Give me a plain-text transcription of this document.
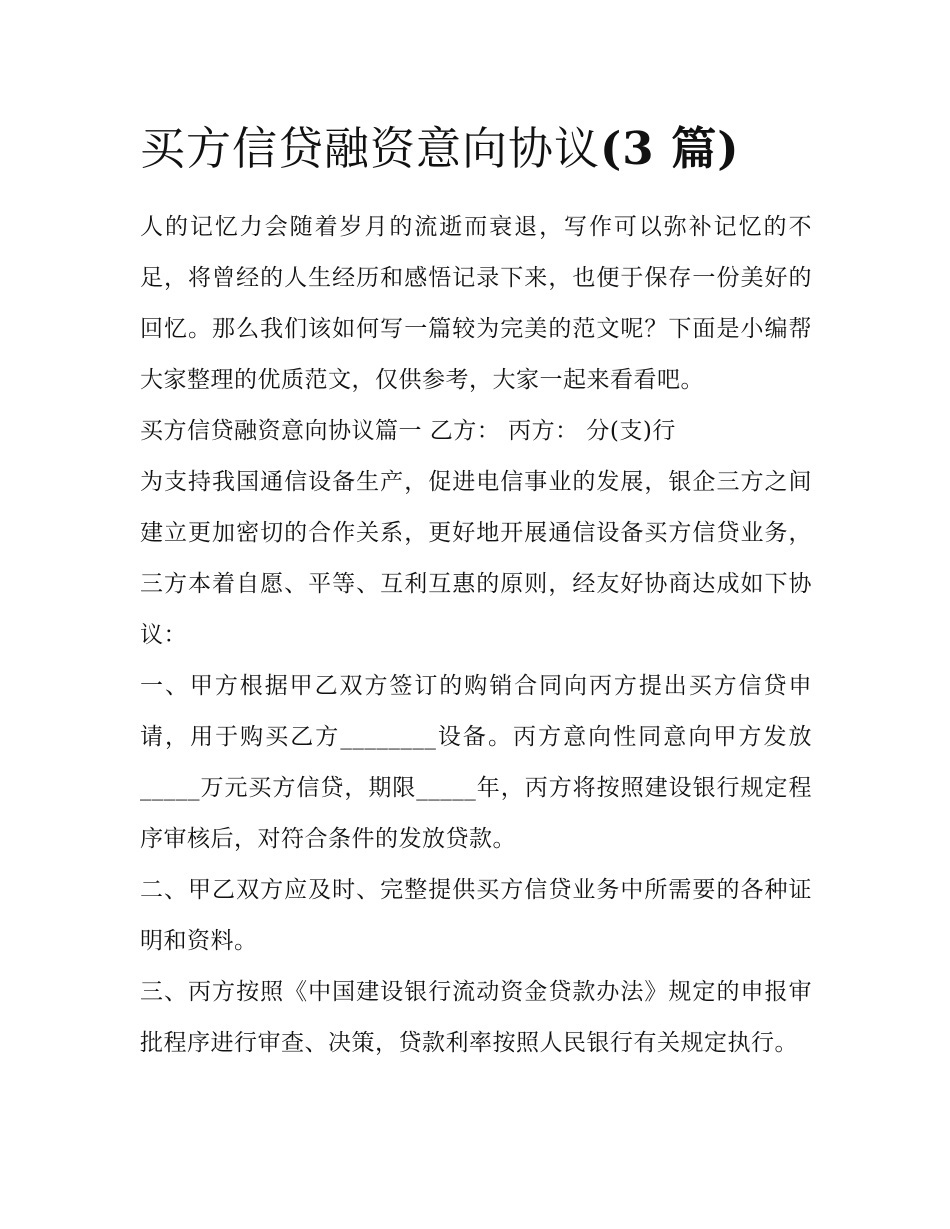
买方信贷融资意向协议(3 篇)

人的记忆力会随着岁月的流逝而衰退，写作可以弥补记忆的不足，将曾经的人生经历和感悟记录下来，也便于保存一份美好的回忆。那么我们该如何写一篇较为完美的范文呢？下面是小编帮大家整理的优质范文，仅供参考，大家一起来看看吧。

买方信贷融资意向协议篇一 乙方： 丙方： 分(支)行

为支持我国通信设备生产，促进电信事业的发展，银企三方之间建立更加密切的合作关系，更好地开展通信设备买方信贷业务，三方本着自愿、平等、互利互惠的原则，经友好协商达成如下协议：

一、甲方根据甲乙双方签订的购销合同向丙方提出买方信贷申请，用于购买乙方________设备。丙方意向性同意向甲方发放_____万元买方信贷，期限_____年，丙方将按照建设银行规定程序审核后，对符合条件的发放贷款。

二、甲乙双方应及时、完整提供买方信贷业务中所需要的各种证明和资料。

三、丙方按照《中国建设银行流动资金贷款办法》规定的申报审批程序进行审查、决策，贷款利率按照人民银行有关规定执行。
